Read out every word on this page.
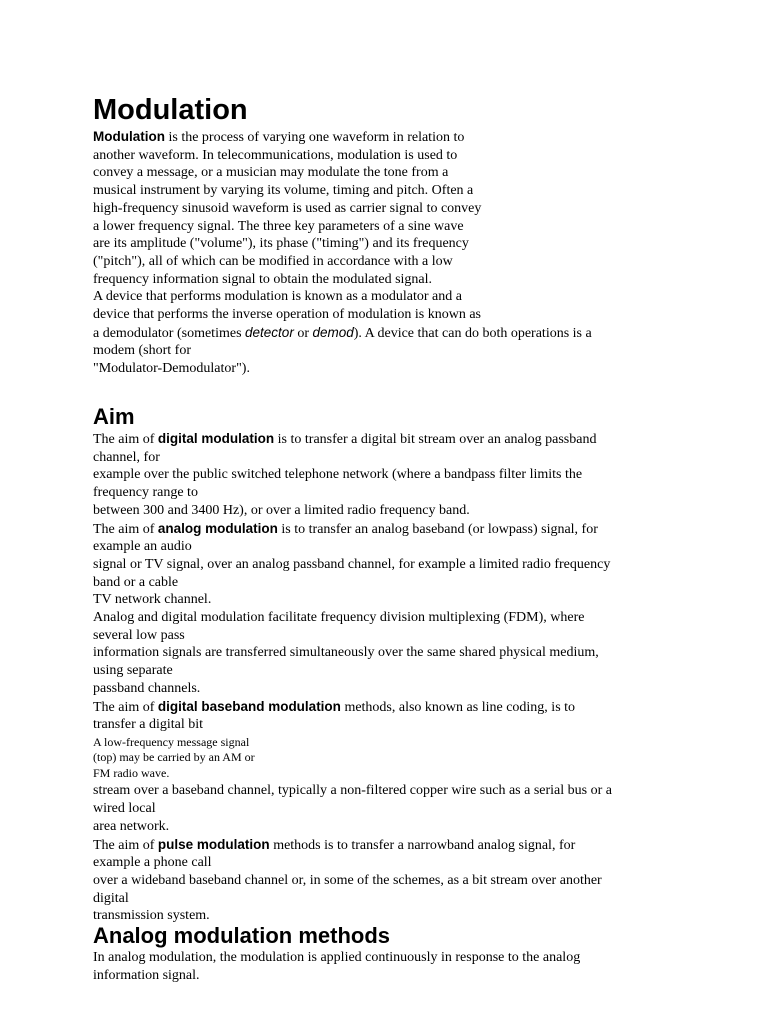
Modulation
Modulation is the process of varying one waveform in relation to
another waveform. In telecommunications, modulation is used to
convey a message, or a musician may modulate the tone from a
musical instrument by varying its volume, timing and pitch. Often a
high-frequency sinusoid waveform is used as carrier signal to convey
a lower frequency signal. The three key parameters of a sine wave
are its amplitude ("volume"), its phase ("timing") and its frequency
("pitch"), all of which can be modified in accordance with a low
frequency information signal to obtain the modulated signal.
A device that performs modulation is known as a modulator and a
device that performs the inverse operation of modulation is known as
a demodulator (sometimes detector or demod). A device that can do both operations is a
modem (short for
"Modulator-Demodulator").
Aim
The aim of digital modulation is to transfer a digital bit stream over an analog passband
channel, for
example over the public switched telephone network (where a bandpass filter limits the
frequency range to
between 300 and 3400 Hz), or over a limited radio frequency band.
The aim of analog modulation is to transfer an analog baseband (or lowpass) signal, for
example an audio
signal or TV signal, over an analog passband channel, for example a limited radio frequency
band or a cable
TV network channel.
Analog and digital modulation facilitate frequency division multiplexing (FDM), where
several low pass
information signals are transferred simultaneously over the same shared physical medium,
using separate
passband channels.
The aim of digital baseband modulation methods, also known as line coding, is to
transfer a digital bit
A low-frequency message signal
(top) may be carried by an AM or
FM radio wave.
stream over a baseband channel, typically a non-filtered copper wire such as a serial bus or a
wired local
area network.
The aim of pulse modulation methods is to transfer a narrowband analog signal, for
example a phone call
over a wideband baseband channel or, in some of the schemes, as a bit stream over another
digital
transmission system.
Analog modulation methods
In analog modulation, the modulation is applied continuously in response to the analog
information signal.
